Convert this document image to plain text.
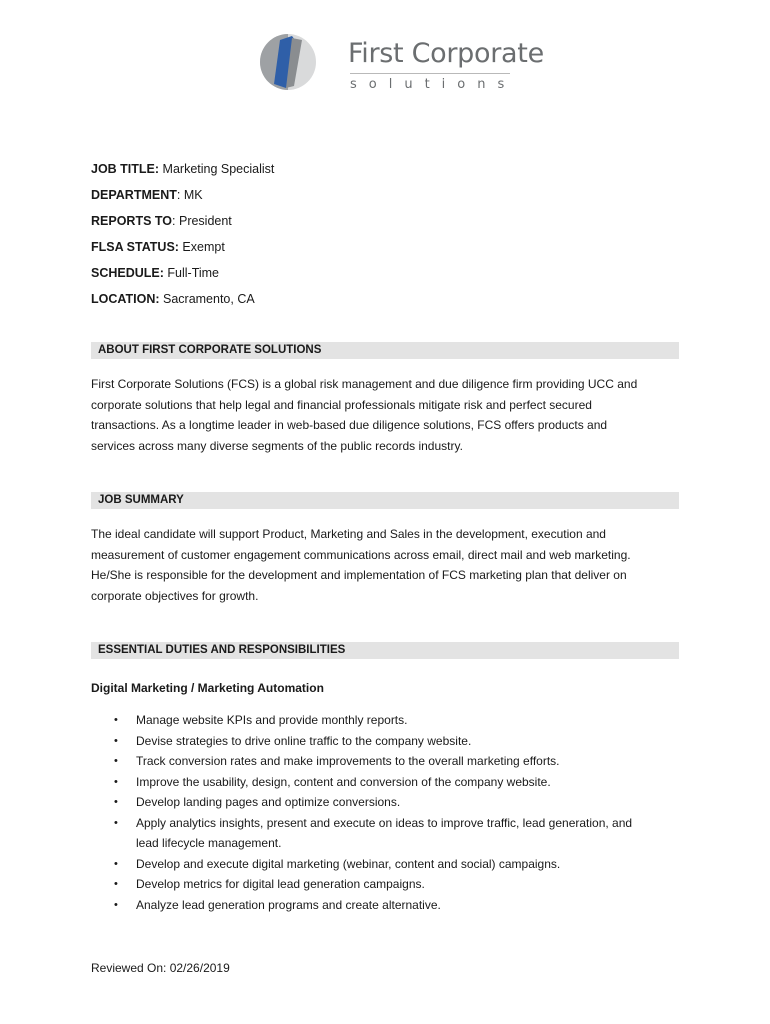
First Corporate
solutions
JOB TITLE: Marketing Specialist
DEPARTMENT: MK
REPORTS TO: President
FLSA STATUS: Exempt
SCHEDULE: Full-Time
LOCATION: Sacramento, CA
ABOUT FIRST CORPORATE SOLUTIONS
First Corporate Solutions (FCS) is a global risk management and due diligence firm providing UCC and
corporate solutions that help legal and financial professionals mitigate risk and perfect secured
transactions. As a longtime leader in web-based due diligence solutions, FCS offers products and
services across many diverse segments of the public records industry.
JOB SUMMARY
The ideal candidate will support Product, Marketing and Sales in the development, execution and
measurement of customer engagement communications across email, direct mail and web marketing.
He/She is responsible for the development and implementation of FCS marketing plan that deliver on
corporate objectives for growth.
ESSENTIAL DUTIES AND RESPONSIBILITIES
Digital Marketing / Marketing Automation
• Manage website KPIs and provide monthly reports.
• Devise strategies to drive online traffic to the company website.
• Track conversion rates and make improvements to the overall marketing efforts.
• Improve the usability, design, content and conversion of the company website.
• Develop landing pages and optimize conversions.
• Apply analytics insights, present and execute on ideas to improve traffic, lead generation, and
lead lifecycle management.
• Develop and execute digital marketing (webinar, content and social) campaigns.
• Develop metrics for digital lead generation campaigns.
• Analyze lead generation programs and create alternative.
Reviewed On: 02/26/2019
